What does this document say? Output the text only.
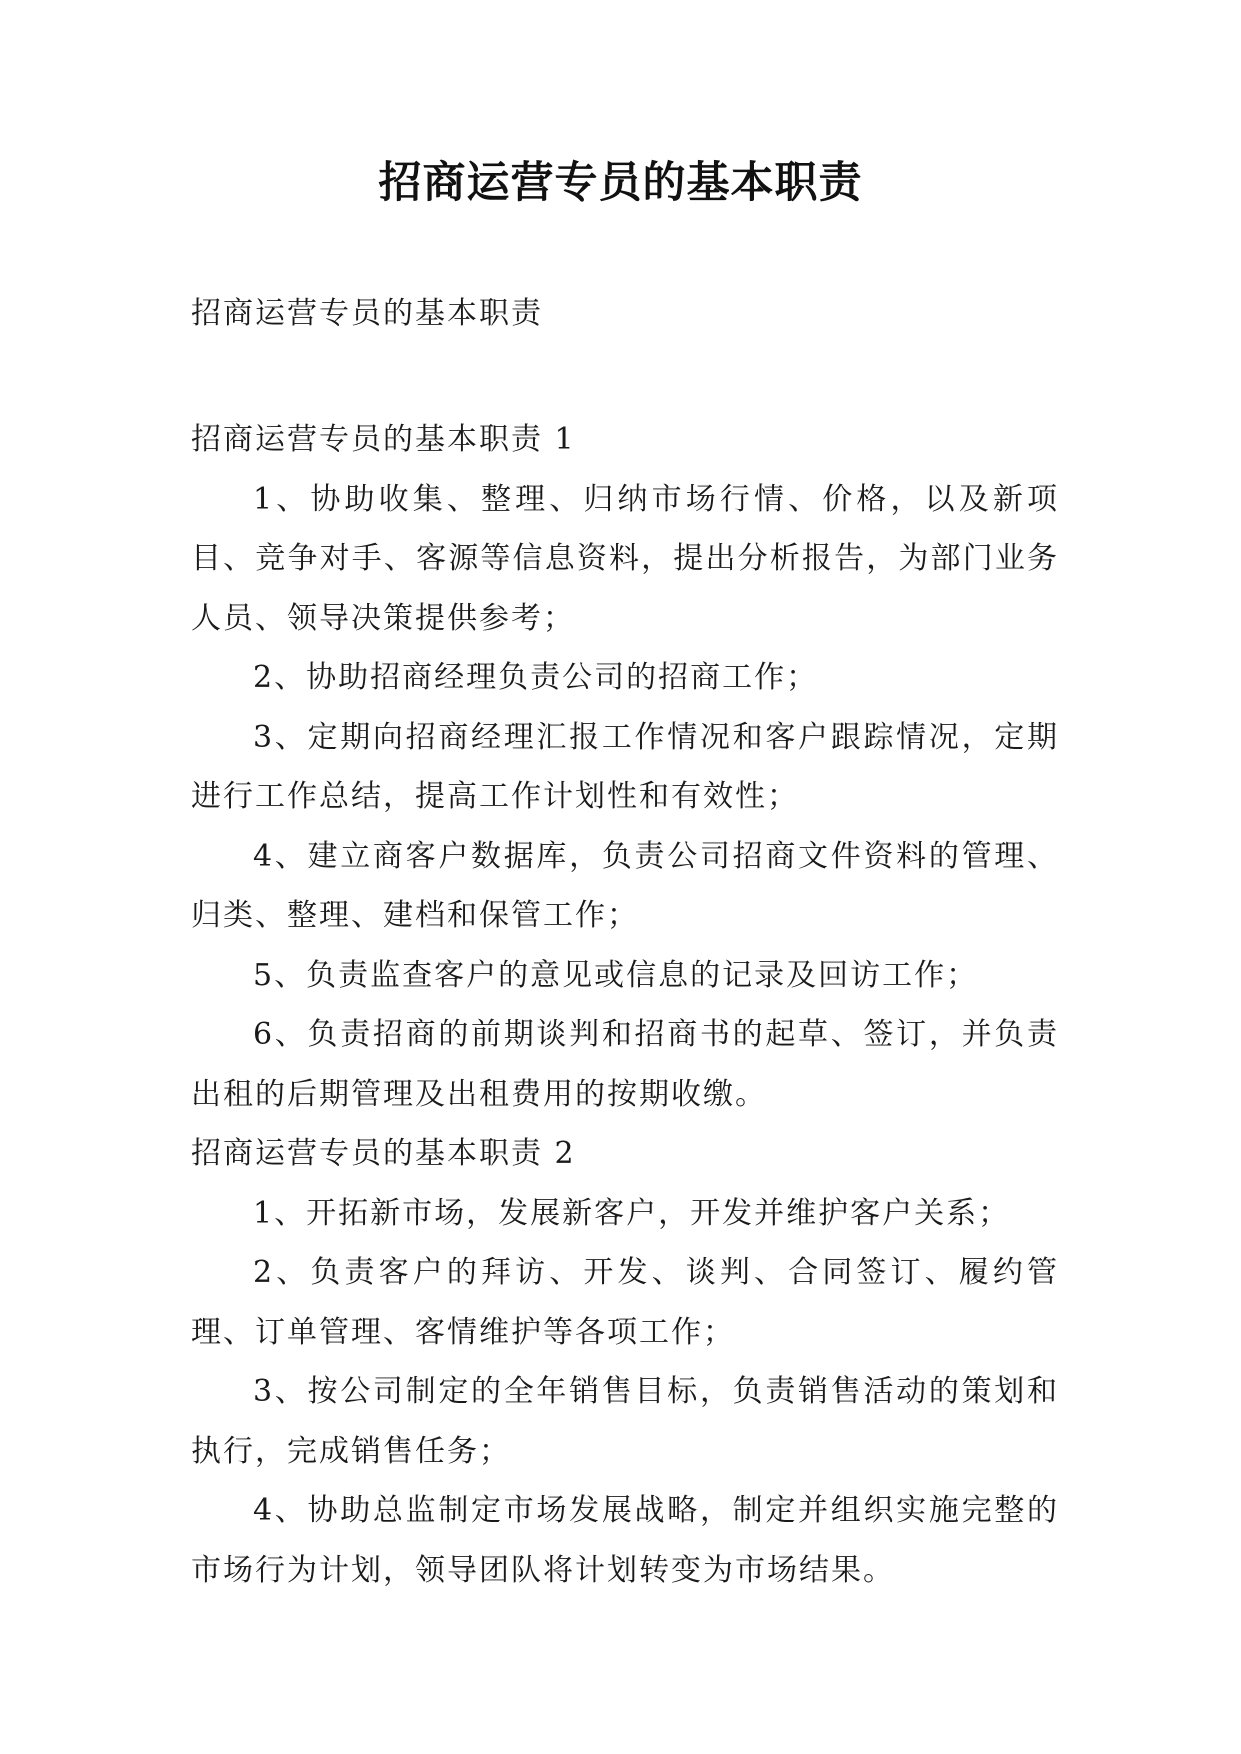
招商运营专员的基本职责
招商运营专员的基本职责

招商运营专员的基本职责 1

1、协助收集、整理、归纳市场行情、价格，以及新项目、竞争对手、客源等信息资料，提出分析报告，为部门业务人员、领导决策提供参考；

2、协助招商经理负责公司的招商工作；

3、定期向招商经理汇报工作情况和客户跟踪情况，定期进行工作总结，提高工作计划性和有效性；

4、建立商客户数据库，负责公司招商文件资料的管理、归类、整理、建档和保管工作；

5、负责监查客户的意见或信息的记录及回访工作；

6、负责招商的前期谈判和招商书的起草、签订，并负责出租的后期管理及出租费用的按期收缴。

招商运营专员的基本职责 2

1、开拓新市场，发展新客户，开发并维护客户关系；

2、负责客户的拜访、开发、谈判、合同签订、履约管理、订单管理、客情维护等各项工作；

3、按公司制定的全年销售目标，负责销售活动的策划和执行，完成销售任务；

4、协助总监制定市场发展战略，制定并组织实施完整的市场行为计划，领导团队将计划转变为市场结果。
